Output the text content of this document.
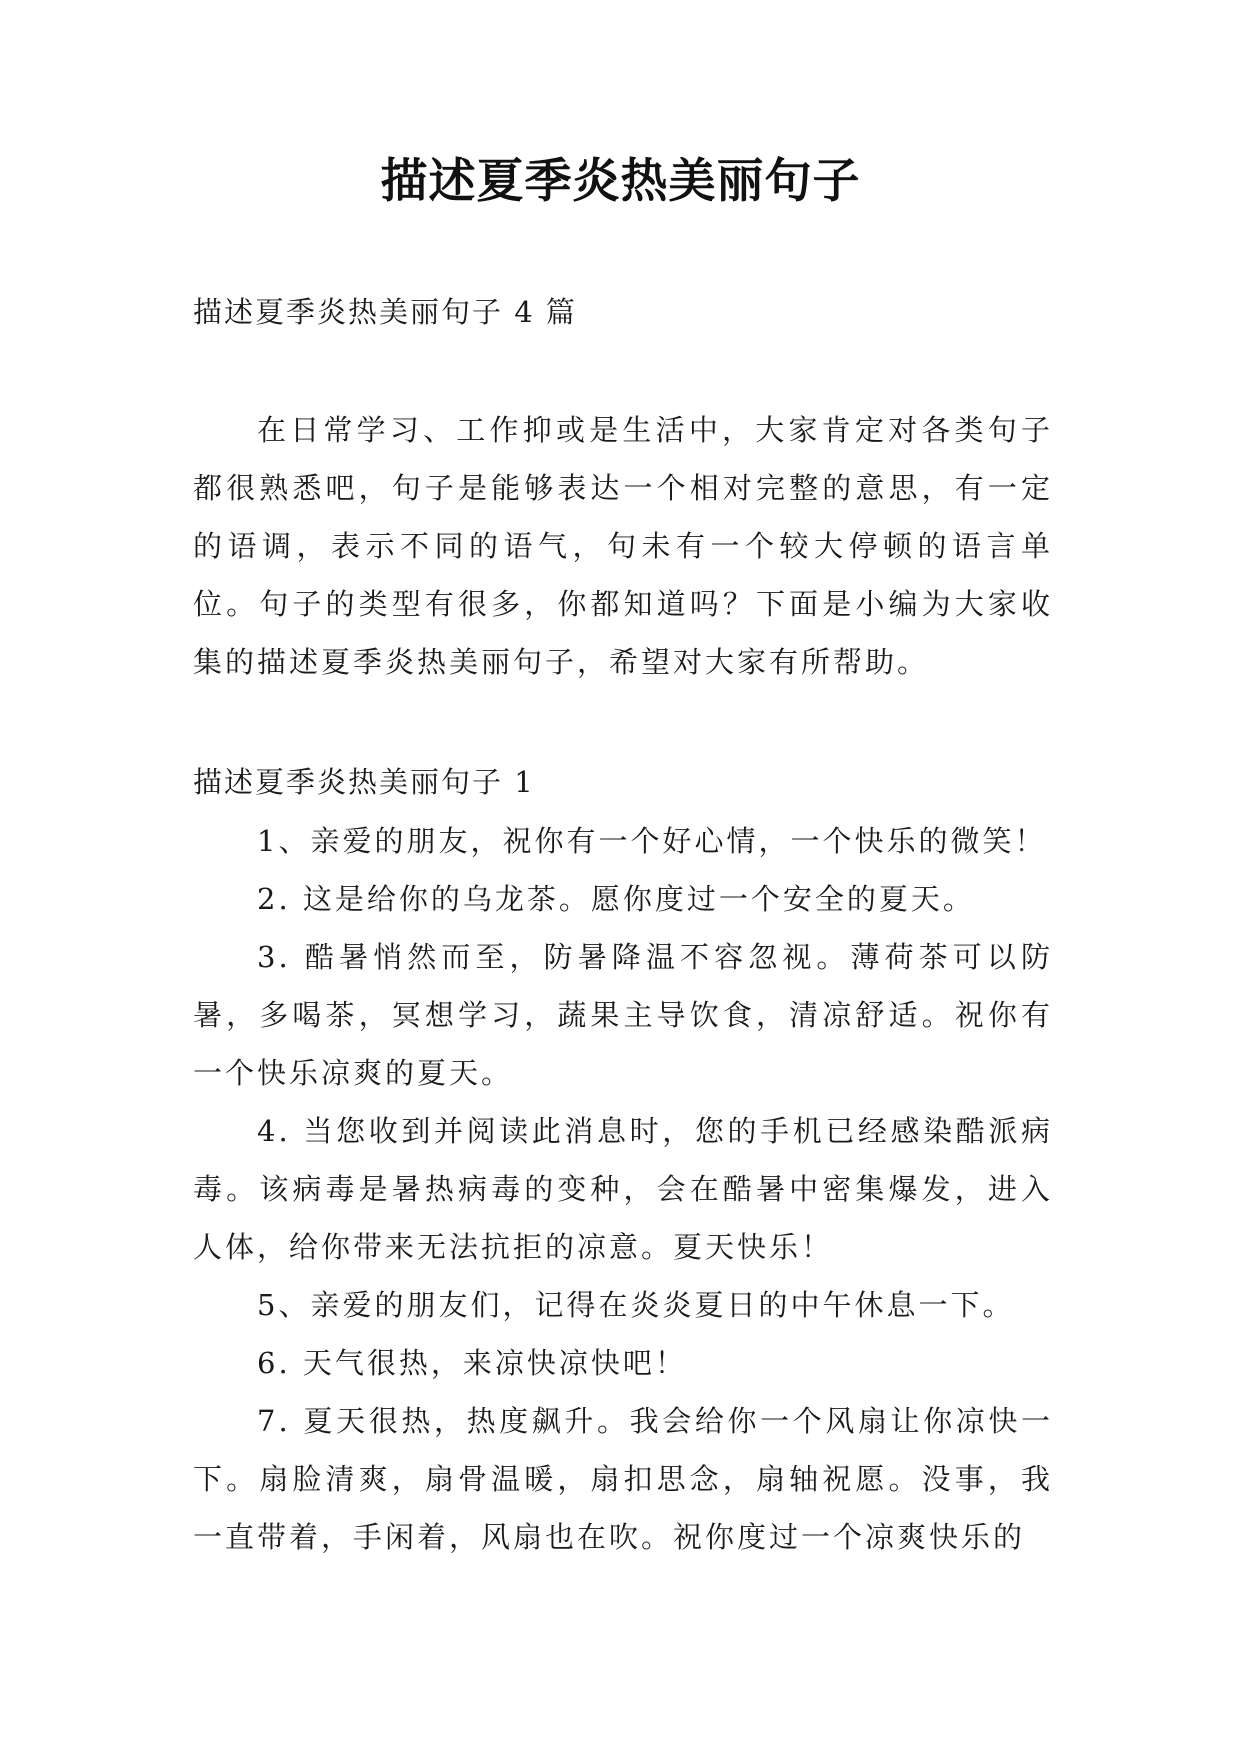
描述夏季炎热美丽句子
描述夏季炎热美丽句子 4 篇

在日常学习、工作抑或是生活中，大家肯定对各类句子都很熟悉吧，句子是能够表达一个相对完整的意思，有一定的语调，表示不同的语气，句未有一个较大停顿的语言单位。句子的类型有很多，你都知道吗？下面是小编为大家收集的描述夏季炎热美丽句子，希望对大家有所帮助。

描述夏季炎热美丽句子 1

1、亲爱的朋友，祝你有一个好心情，一个快乐的微笑！

2. 这是给你的乌龙茶。愿你度过一个安全的夏天。

3. 酷暑悄然而至，防暑降温不容忽视。薄荷茶可以防暑，多喝茶，冥想学习，蔬果主导饮食，清凉舒适。祝你有一个快乐凉爽的夏天。

4. 当您收到并阅读此消息时，您的手机已经感染酷派病毒。该病毒是暑热病毒的变种，会在酷暑中密集爆发，进入人体，给你带来无法抗拒的凉意。夏天快乐！

5、亲爱的朋友们，记得在炎炎夏日的中午休息一下。

6. 天气很热，来凉快凉快吧！

7. 夏天很热，热度飙升。我会给你一个风扇让你凉快一下。扇脸清爽，扇骨温暖，扇扣思念，扇轴祝愿。没事，我一直带着，手闲着，风扇也在吹。祝你度过一个凉爽快乐的
